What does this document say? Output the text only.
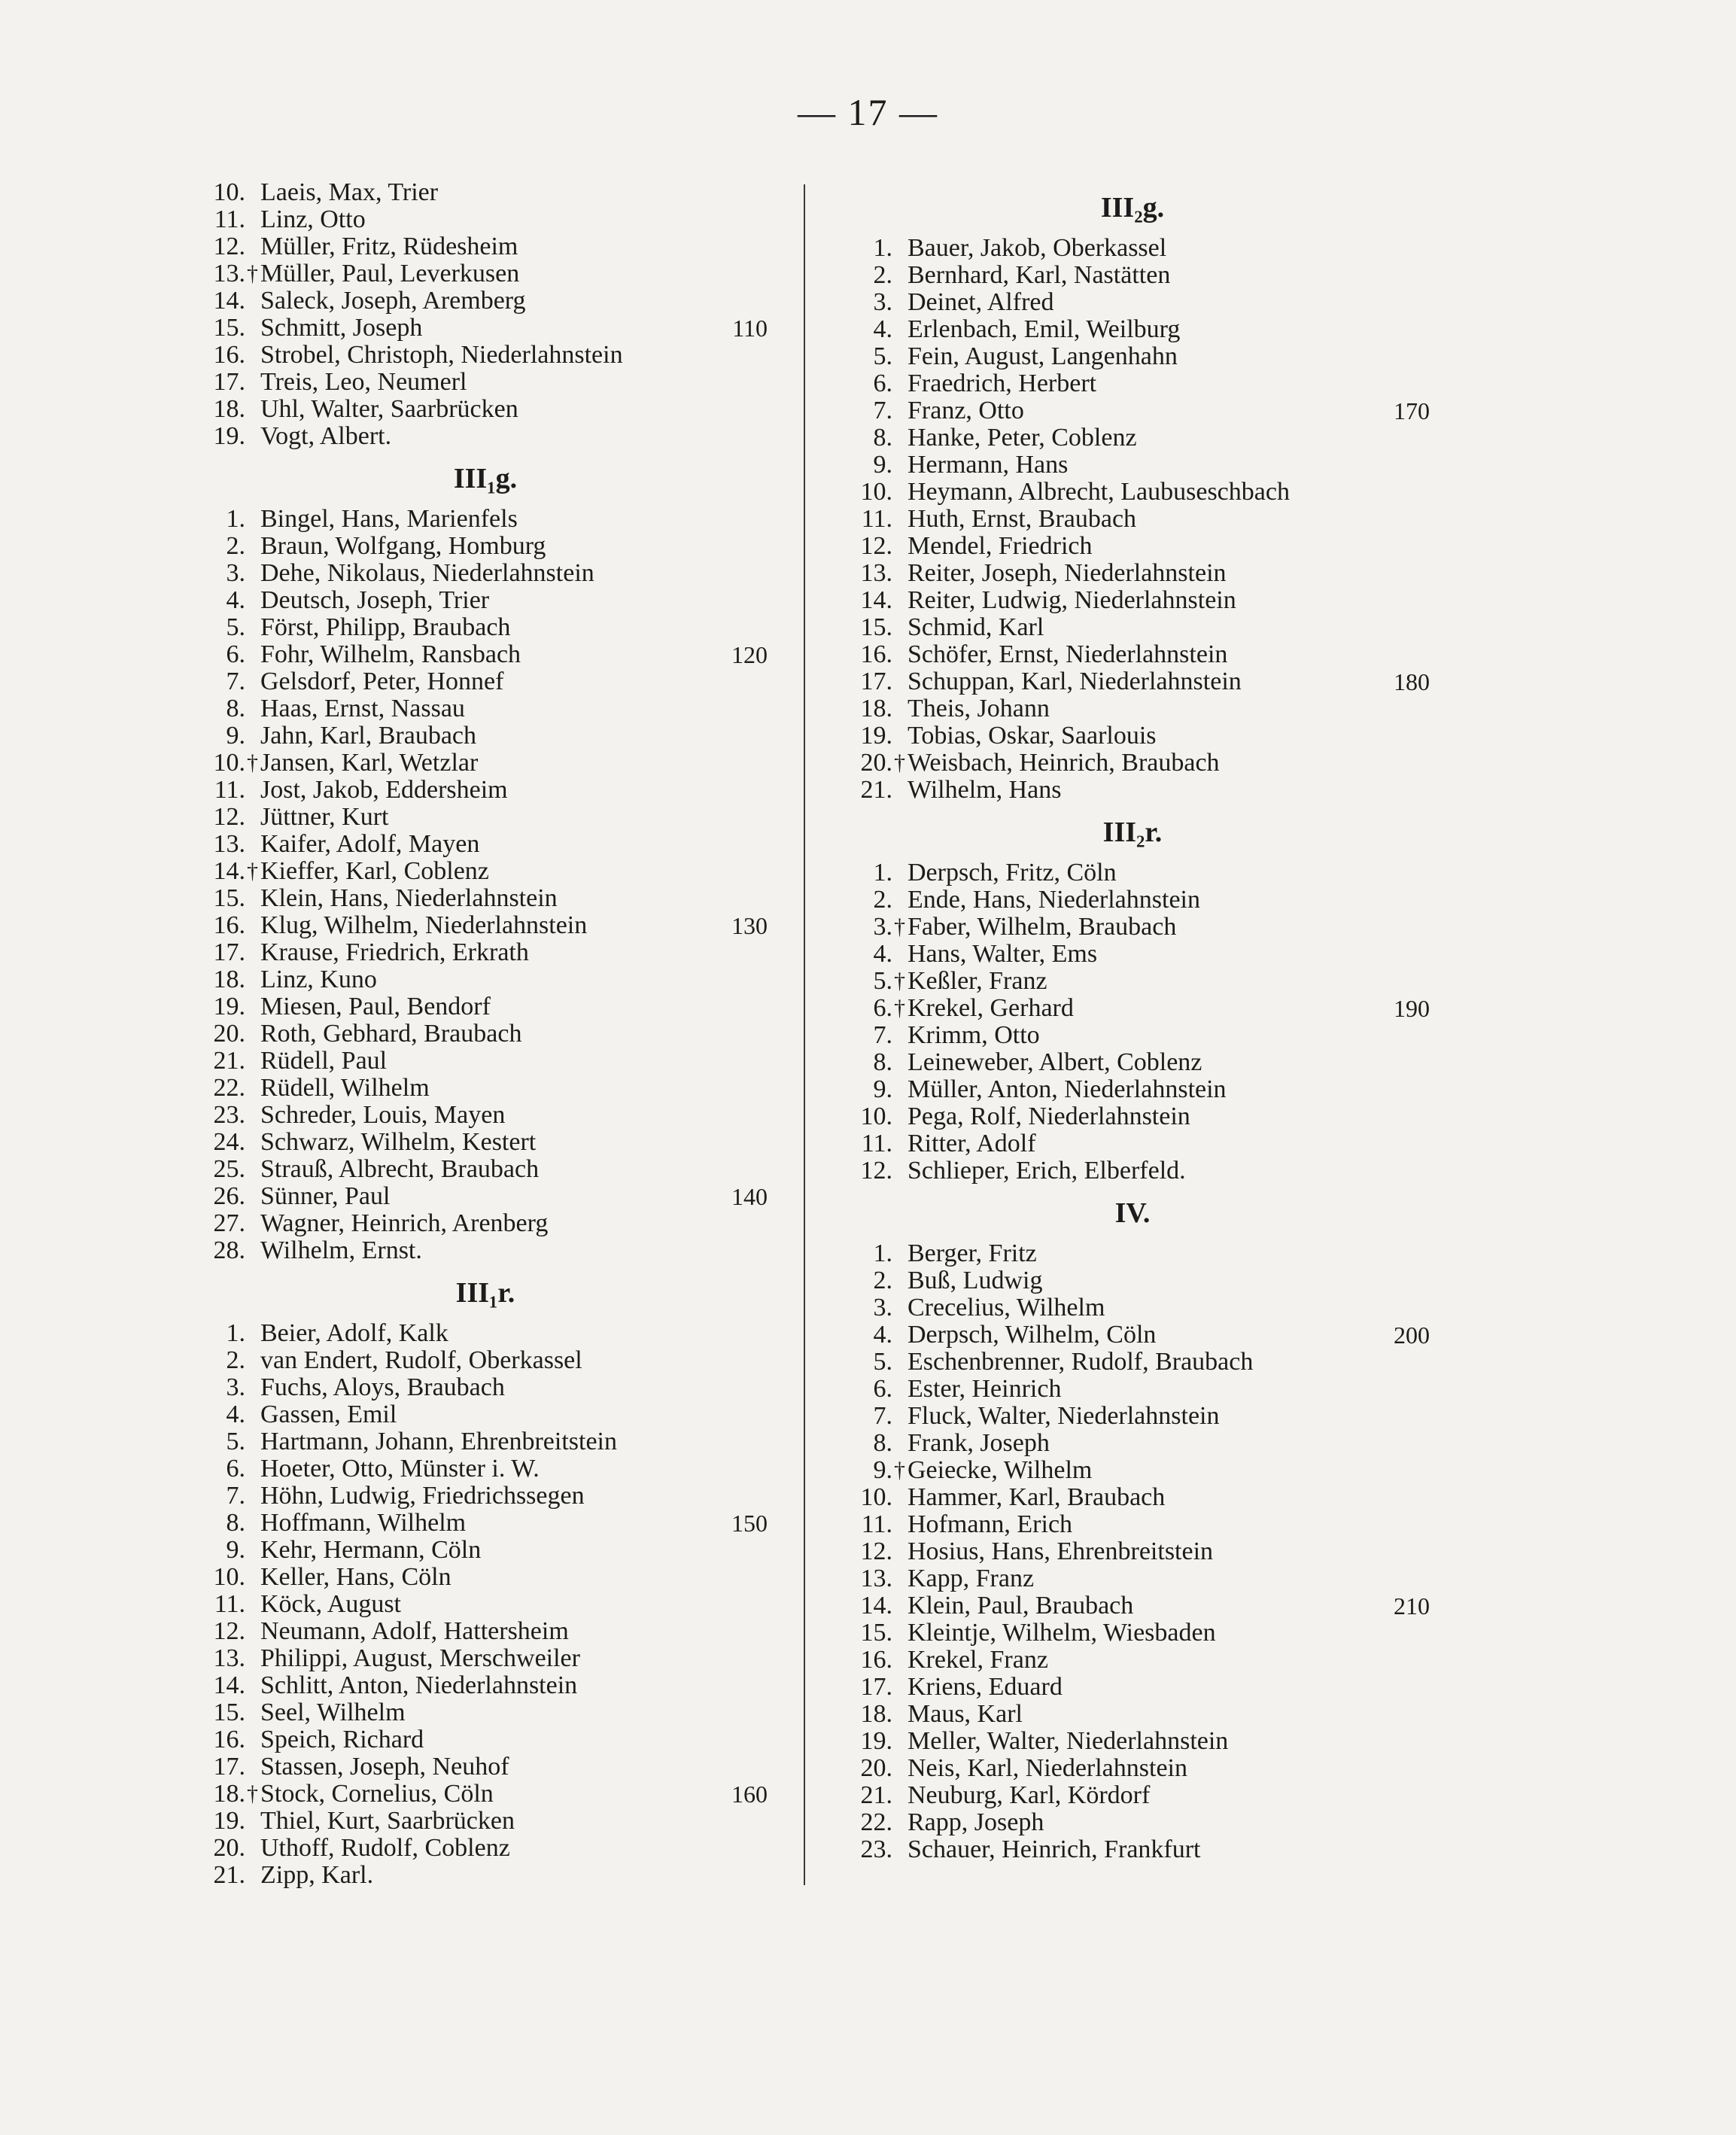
— 17 —
10. Laeis, Max, Trier
11. Linz, Otto
12. Müller, Fritz, Rüdesheim
13. † Müller, Paul, Leverkusen
14. Saleck, Joseph, Aremberg
15. Schmitt, Joseph	110
16. Strobel, Christoph, Niederlahnstein
17. Treis, Leo, Neumerl
18. Uhl, Walter, Saarbrücken
19. Vogt, Albert.
III₁g.
1. Bingel, Hans, Marienfels
2. Braun, Wolfgang, Homburg
3. Dehe, Nikolaus, Niederlahnstein
4. Deutsch, Joseph, Trier
5. Först, Philipp, Braubach
6. Fohr, Wilhelm, Ransbach	120
7. Gelsdorf, Peter, Honnef
8. Haas, Ernst, Nassau
9. Jahn, Karl, Braubach
10. † Jansen, Karl, Wetzlar
11. Jost, Jakob, Eddersheim
12. Jüttner, Kurt
13. Kaifer, Adolf, Mayen
14. † Kieffer, Karl, Coblenz
15. Klein, Hans, Niederlahnstein
16. Klug, Wilhelm, Niederlahnstein	130
17. Krause, Friedrich, Erkrath
18. Linz, Kuno
19. Miesen, Paul, Bendorf
20. Roth, Gebhard, Braubach
21. Rüdell, Paul
22. Rüdell, Wilhelm
23. Schreder, Louis, Mayen
24. Schwarz, Wilhelm, Kestert
25. Strauß, Albrecht, Braubach
26. Sünner, Paul	140
27. Wagner, Heinrich, Arenberg
28. Wilhelm, Ernst.
III₁r.
1. Beier, Adolf, Kalk
2. van Endert, Rudolf, Oberkassel
3. Fuchs, Aloys, Braubach
4. Gassen, Emil
5. Hartmann, Johann, Ehrenbreitstein
6. Hoeter, Otto, Münster i. W.
7. Höhn, Ludwig, Friedrichssegen
8. Hoffmann, Wilhelm	150
9. Kehr, Hermann, Cöln
10. Keller, Hans, Cöln
11. Köck, August
12. Neumann, Adolf, Hattersheim
13. Philippi, August, Merschweiler
14. Schlitt, Anton, Niederlahnstein
15. Seel, Wilhelm
16. Speich, Richard
17. Stassen, Joseph, Neuhof
18. † Stock, Cornelius, Cöln	160
19. Thiel, Kurt, Saarbrücken
20. Uthoff, Rudolf, Coblenz
21. Zipp, Karl.
III₂g.
1. Bauer, Jakob, Oberkassel
2. Bernhard, Karl, Nastätten
3. Deinet, Alfred
4. Erlenbach, Emil, Weilburg
5. Fein, August, Langenhahn
6. Fraedrich, Herbert
7. Franz, Otto	170
8. Hanke, Peter, Coblenz
9. Hermann, Hans
10. Heymann, Albrecht, Laubuseschbach
11. Huth, Ernst, Braubach
12. Mendel, Friedrich
13. Reiter, Joseph, Niederlahnstein
14. Reiter, Ludwig, Niederlahnstein
15. Schmid, Karl
16. Schöfer, Ernst, Niederlahnstein
17. Schuppan, Karl, Niederlahnstein	180
18. Theis, Johann
19. Tobias, Oskar, Saarlouis
20. † Weisbach, Heinrich, Braubach
21. Wilhelm, Hans
III₂r.
1. Derpsch, Fritz, Cöln
2. Ende, Hans, Niederlahnstein
3. † Faber, Wilhelm, Braubach
4. Hans, Walter, Ems
5. † Keßler, Franz
6. † Krekel, Gerhard	190
7. Krimm, Otto
8. Leineweber, Albert, Coblenz
9. Müller, Anton, Niederlahnstein
10. Pega, Rolf, Niederlahnstein
11. Ritter, Adolf
12. Schlieper, Erich, Elberfeld.
IV.
1. Berger, Fritz
2. Buß, Ludwig
3. Crecelius, Wilhelm
4. Derpsch, Wilhelm, Cöln	200
5. Eschenbrenner, Rudolf, Braubach
6. Ester, Heinrich
7. Fluck, Walter, Niederlahnstein
8. Frank, Joseph
9. † Geiecke, Wilhelm
10. Hammer, Karl, Braubach
11. Hofmann, Erich
12. Hosius, Hans, Ehrenbreitstein
13. Kapp, Franz
14. Klein, Paul, Braubach	210
15. Kleintje, Wilhelm, Wiesbaden
16. Krekel, Franz
17. Kriens, Eduard
18. Maus, Karl
19. Meller, Walter, Niederlahnstein
20. Neis, Karl, Niederlahnstein
21. Neuburg, Karl, Kördorf
22. Rapp, Joseph
23. Schauer, Heinrich, Frankfurt
